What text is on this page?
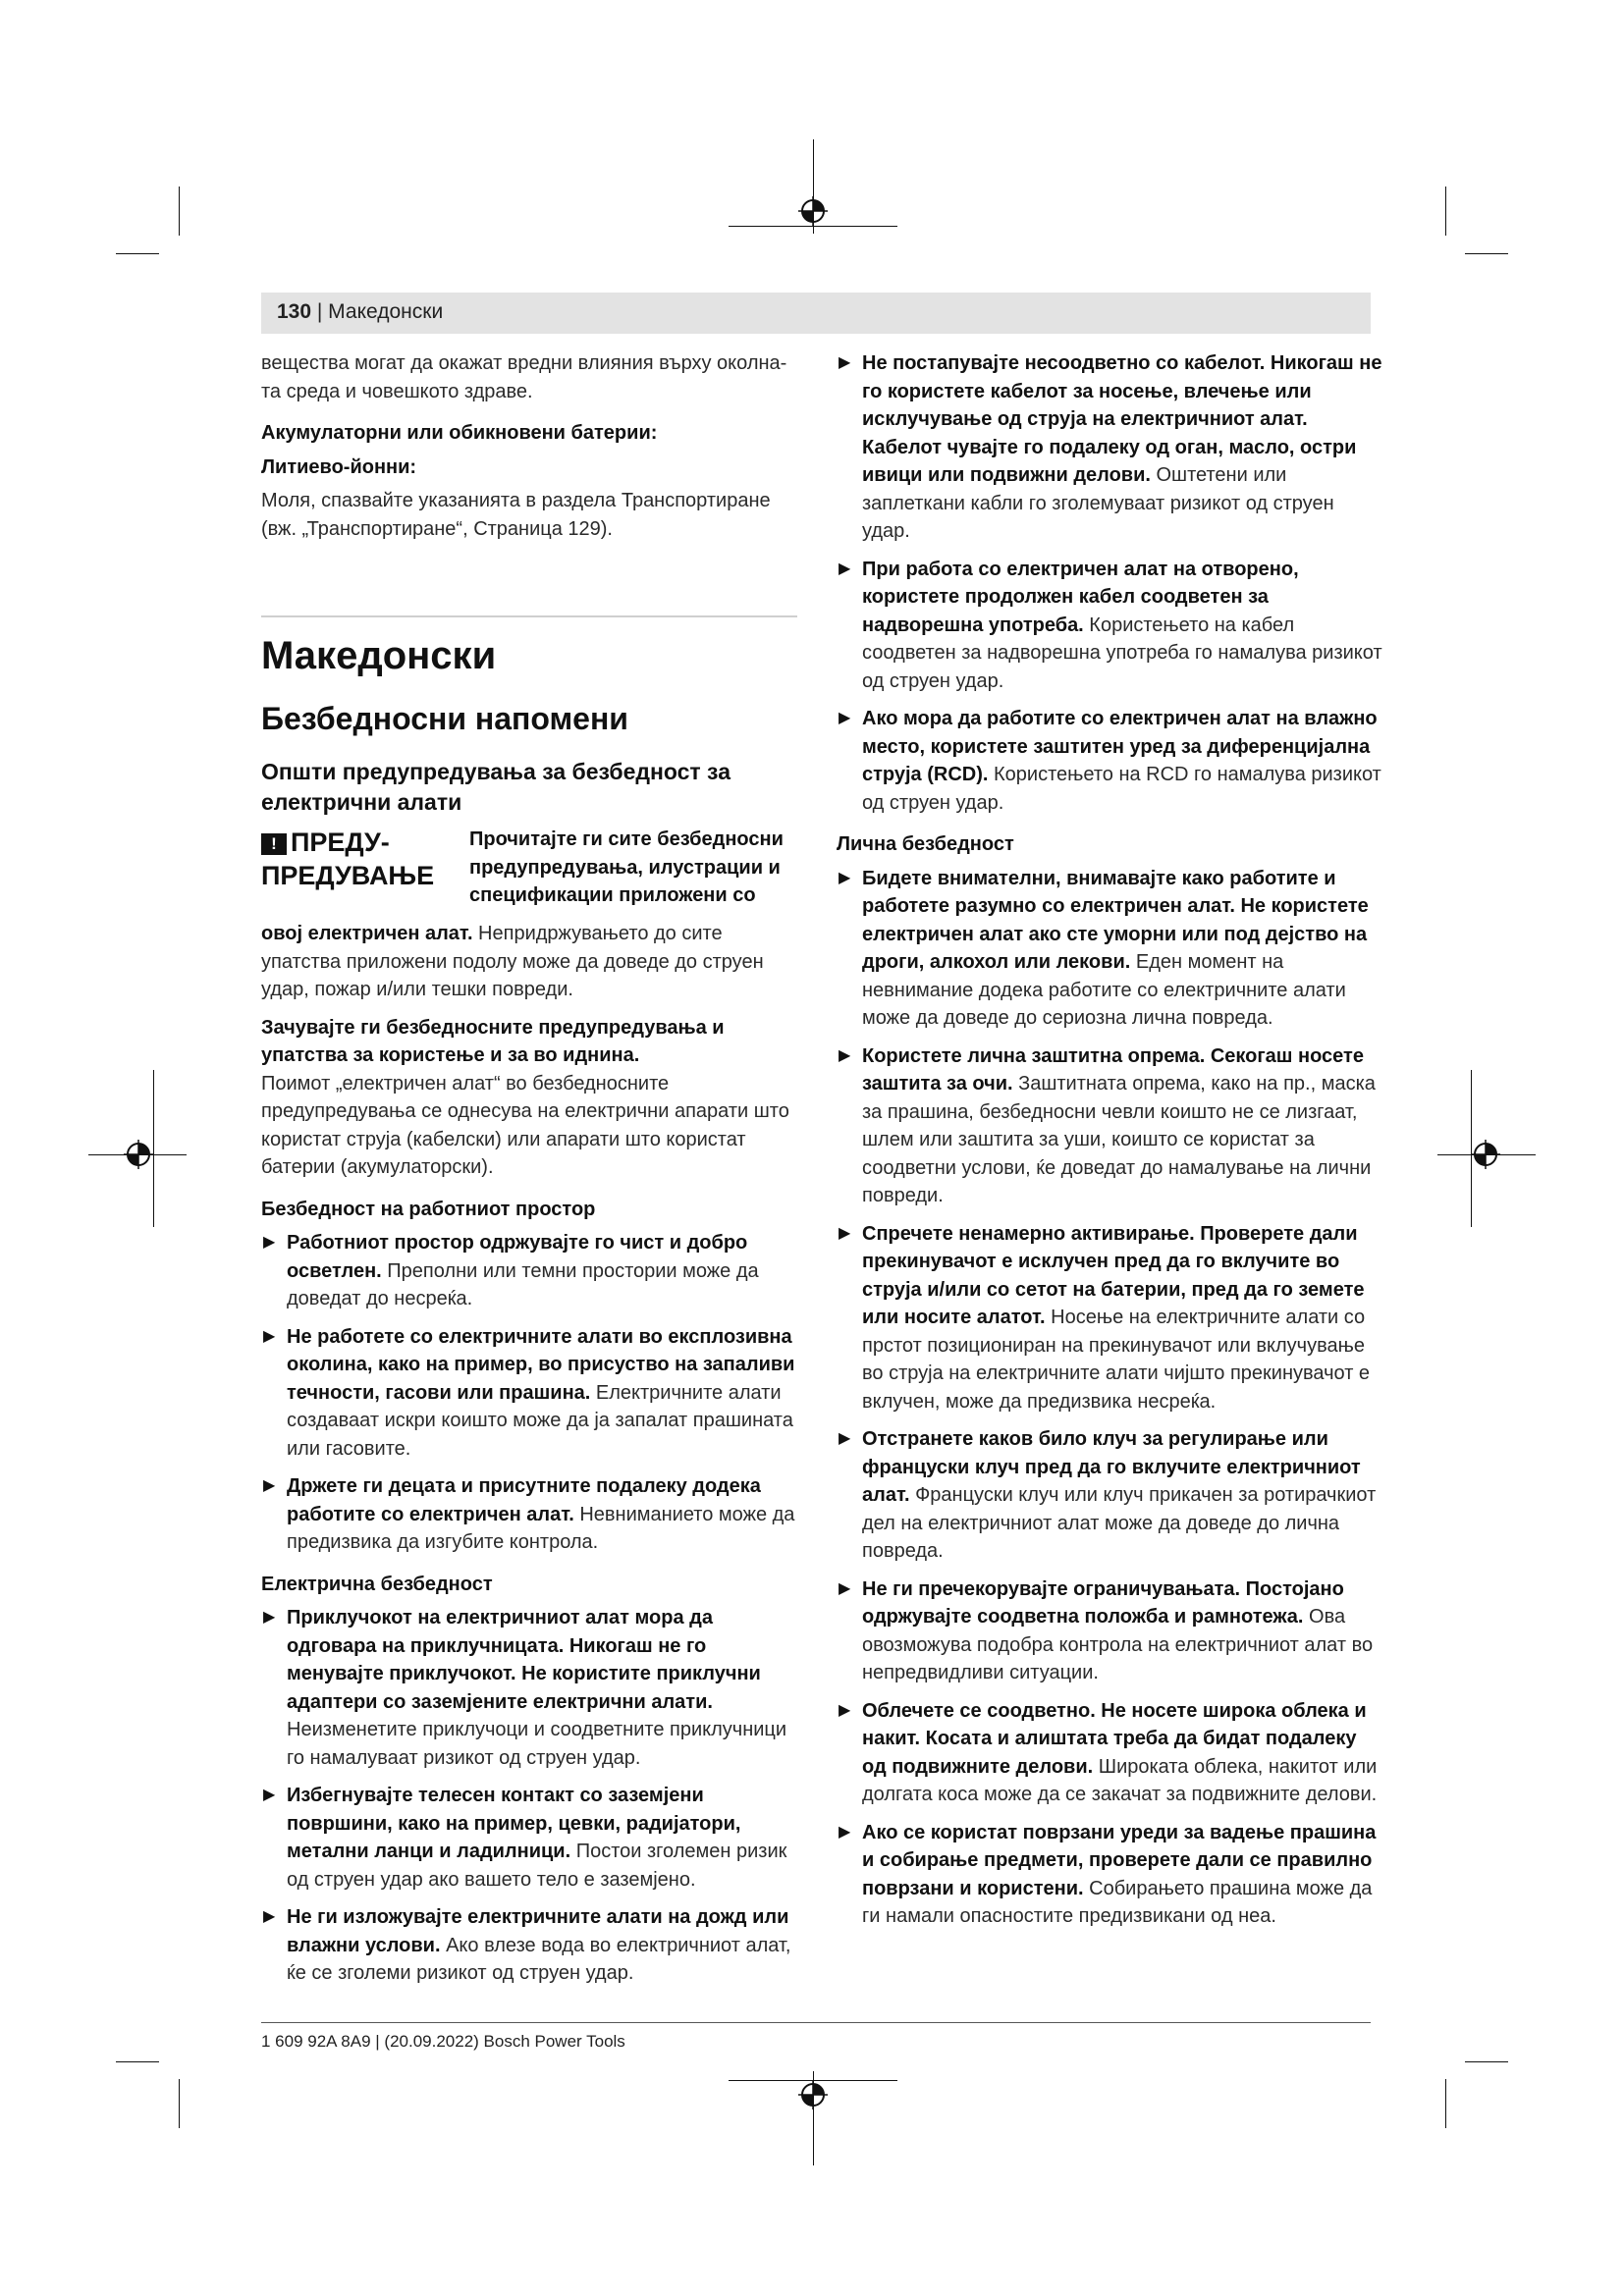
130 | Македонски

вещества могат да окажат вредни влияния върху околна-та среда и човешкото здраве.

Акумулаторни или обикновени батерии:
Литиево-йонни:

Моля, спазвайте указанията в раздела Транспортиране (вж. „Транспортиране“, Страница 129).

Македонски
Безбедносни напомени
Општи предупредувања за безбедност за електрични алати
! ПРЕДУ-ПРЕДУВАЊЕ
Прочитајте ги сите безбедносни предупредувања, илустрации и спецификации приложени со

овој електричен алат. Непридржувањето до сите упатства приложени подолу може да доведе до струен удар, пожар и/или тешки повреди.

Зачувајте ги безбедносните предупредувања и упатства за користење и за во иднина.

Поимот „електричен алат“ во безбедносните предупредувања се однесува на електрични апарати што користат струја (кабелски) или апарати што користат батерии (акумулаторски).

Безбедност на работниот простор
▶ Работниот простор одржувајте го чист и добро осветлен. Преполни или темни простории може да доведат до несреќа.
▶ Не работете со електричните алати во експлозивна околина, како на пример, во присуство на запаливи течности, гасови или прашина. Електричните алати создаваат искри коишто може да ја запалат прашината или гасовите.
▶ Држете ги децата и присутните подалеку додека работите со електричен алат. Невниманието може да предизвика да изгубите контрола.
Електрична безбедност
▶ Приклучокот на електричниот алат мора да одговара на приклучницата. Никогаш не го менувајте приклучокот. Не користите приклучни адаптери со заземјените електрични алати. Неизменетите приклучоци и соодветните приклучници го намалуваат ризикот од струен удар.
▶ Избегнувајте телесен контакт со заземјени површини, како на пример, цевки, радијатори, метални ланци и ладилници. Постои зголемен ризик од струен удар ако вашето тело е заземјено.
▶ Не ги изложувајте електричните алати на дожд или влажни услови. Ако влезе вода во електричниот алат, ќе се зголеми ризикот од струен удар.
▶ Не постапувајте несоодветно со кабелот. Никогаш не го користете кабелот за носење, влечење или исклучување од струја на електричниот алат. Кабелот чувајте го подалеку од оган, масло, остри ивици или подвижни делови. Оштетени или заплеткани кабли го зголемуваат ризикот од струен удар.
▶ При работа со електричен алат на отворено, користете продолжен кабел соодветен за надворешна употреба. Користењето на кабел соодветен за надворешна употреба го намалува ризикот од струен удар.
▶ Ако мора да работите со електричен алат на влажно место, користете заштитен уред за диференцијална струја (RCD). Користењето на RCD го намалува ризикот од струен удар.
Лична безбедност
▶ Бидете внимателни, внимавајте како работите и работете разумно со електричен алат. Не користете електричен алат ако сте уморни или под дејство на дроги, алкохол или лекови. Еден момент на невнимание додека работите со електричните алати може да доведе до сериозна лична повреда.
▶ Користете лична заштитна опрема. Секогаш носете заштита за очи. Заштитната опрема, како на пр., маска за прашина, безбедносни чевли коишто не се лизгаат, шлем или заштита за уши, коишто се користат за соодветни услови, ќе доведат до намалување на лични повреди.
▶ Спречете ненамерно активирање. Проверете дали прекинувачот е исклучен пред да го вклучите во струја и/или со сетот на батерии, пред да го земете или носите алатот. Носење на електричните алати со прстот позициониран на прекинувачот или вклучување во струја на електричните алати чијшто прекинувачот е вклучен, може да предизвика несреќа.
▶ Отстранете каков било клуч за регулирање или француски клуч пред да го вклучите електричниот алат. Француски клуч или клуч прикачен за ротирачкиот дел на електричниот алат може да доведе до лична повреда.
▶ Не ги пречекорувајте ограничувањата. Постојано одржувајте соодветна положба и рамнотежа. Ова овозможува подобра контрола на електричниот алат во непредвидливи ситуации.
▶ Облечете се соодветно. Не носете широка облека и накит. Косата и алиштата треба да бидат подалеку од подвижните делови. Широката облека, накитот или долгата коса може да се закачат за подвижните делови.
▶ Ако се користат поврзани уреди за вадење прашина и собирање предмети, проверете дали се правилно поврзани и користени. Собирањето прашина може да ги намали опасностите предизвикани од неа.
1 609 92A 8A9 | (20.09.2022) Bosch Power Tools
